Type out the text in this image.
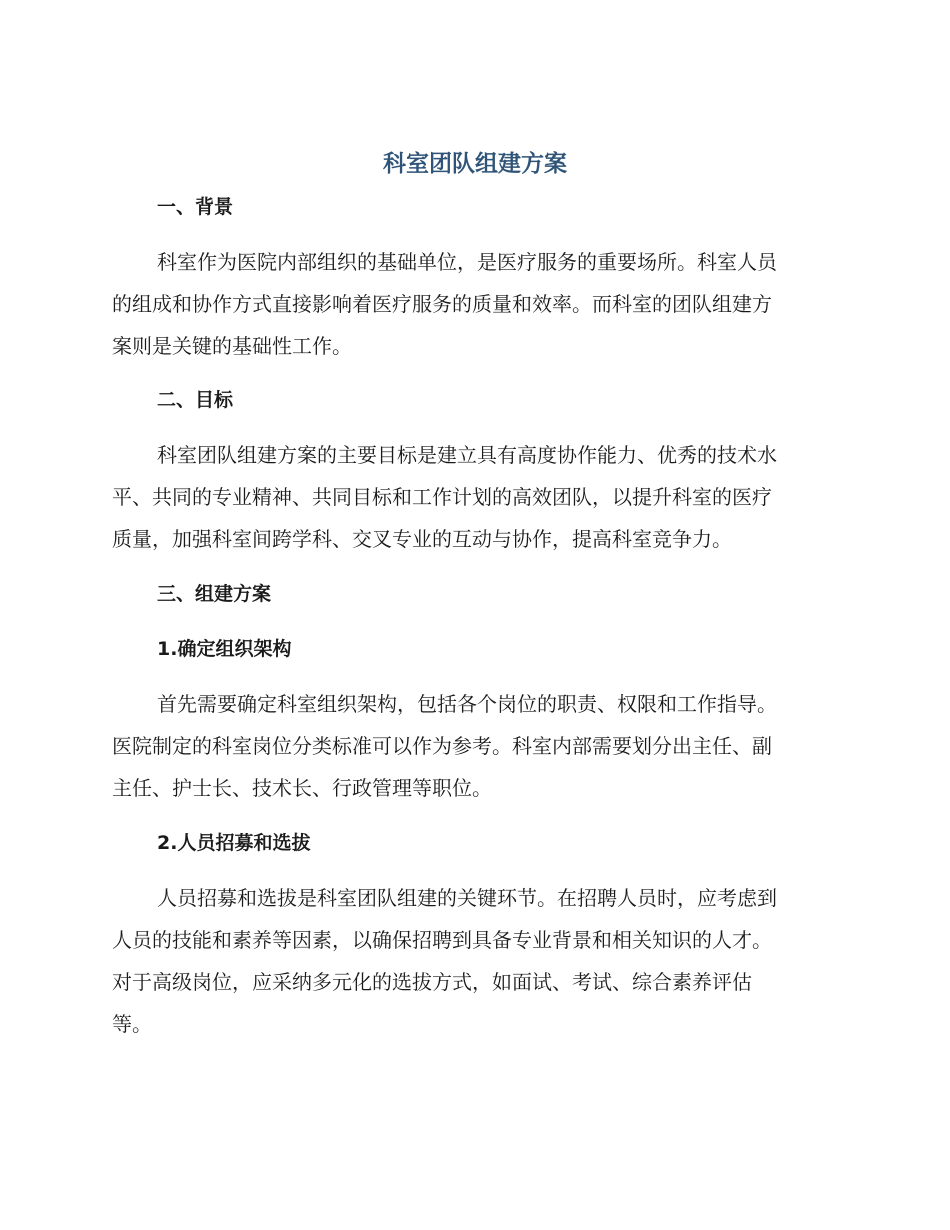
科室团队组建方案
一、背景

科室作为医院内部组织的基础单位，是医疗服务的重要场所。科室人员
的组成和协作方式直接影响着医疗服务的质量和效率。而科室的团队组建方
案则是关键的基础性工作。

二、目标

科室团队组建方案的主要目标是建立具有高度协作能力、优秀的技术水
平、共同的专业精神、共同目标和工作计划的高效团队，以提升科室的医疗
质量，加强科室间跨学科、交叉专业的互动与协作，提高科室竞争力。

三、组建方案
1.确定组织架构

首先需要确定科室组织架构，包括各个岗位的职责、权限和工作指导。
医院制定的科室岗位分类标准可以作为参考。科室内部需要划分出主任、副
主任、护士长、技术长、行政管理等职位。

2.人员招募和选拔

人员招募和选拔是科室团队组建的关键环节。在招聘人员时，应考虑到
人员的技能和素养等因素，以确保招聘到具备专业背景和相关知识的人才。
对于高级岗位，应采纳多元化的选拔方式，如面试、考试、综合素养评估
等。
